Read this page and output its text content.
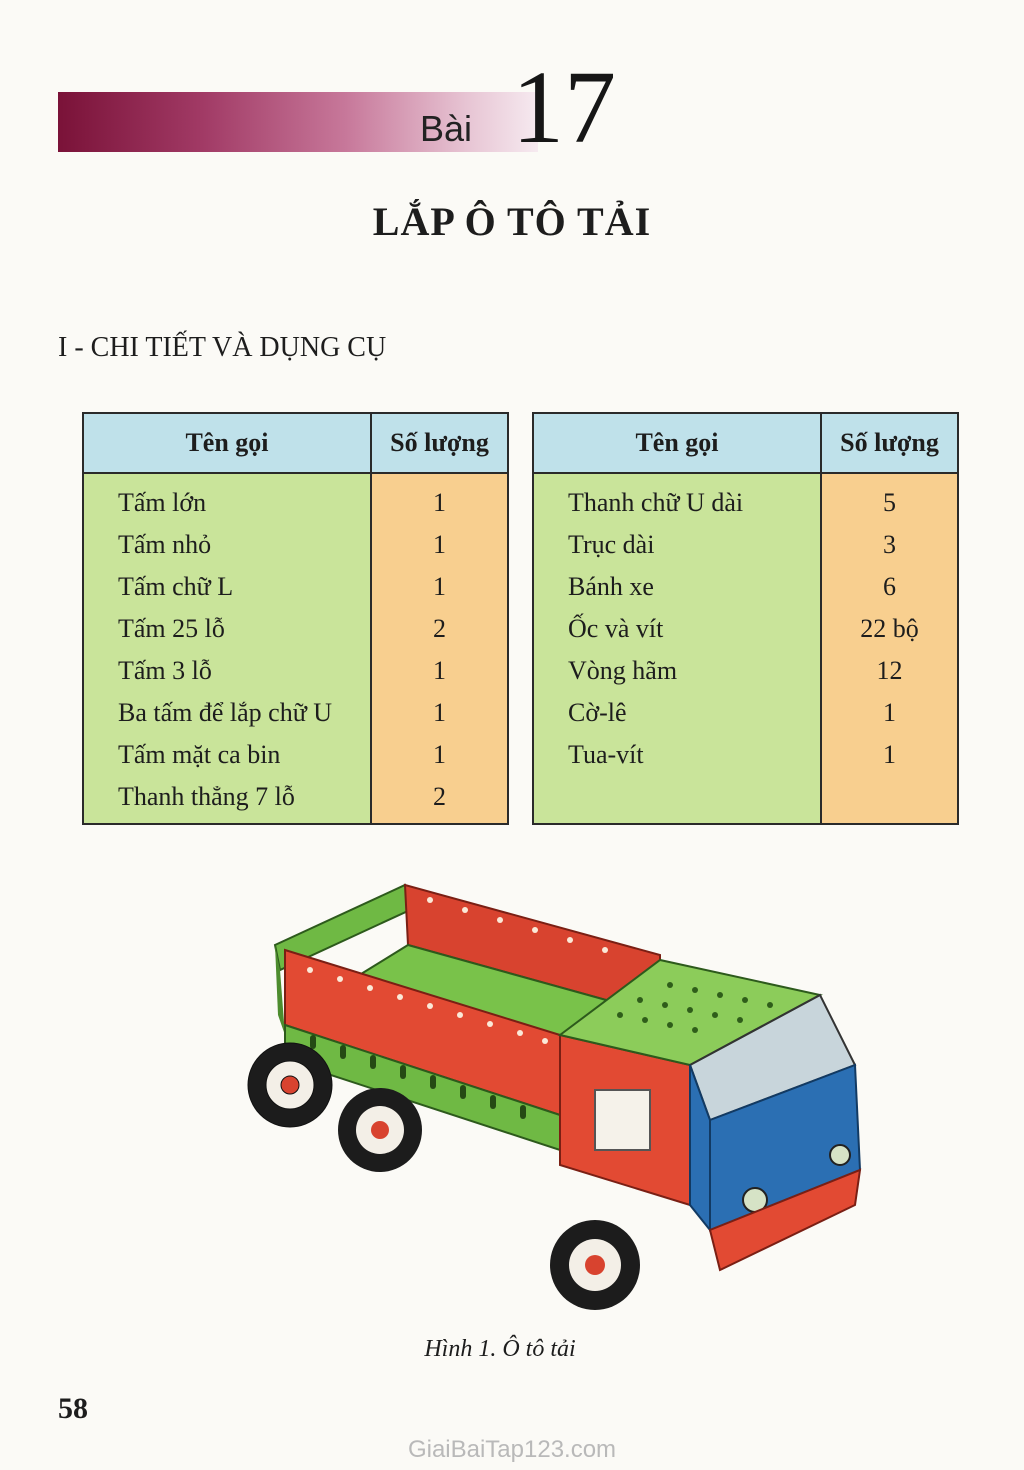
Bài 17
LẮP Ô TÔ TẢI
I - CHI TIẾT VÀ DỤNG CỤ
Tên gọi	Số lượng
Tấm lớn
Tấm nhỏ
Tấm chữ L
Tấm 25 lỗ
Tấm 3 lỗ
Ba tấm để lắp chữ U
Tấm mặt ca bin
Thanh thẳng 7 lỗ
1
1
1
2
1
1
1
2
Tên gọi	Số lượng
Thanh chữ U dài
Trục dài
Bánh xe
Ốc và vít
Vòng hãm
Cờ-lê
Tua-vít
5
3
6
22 bộ
12
1
1
Hình 1. Ô tô tải
58
GiaiBaiTap123.com
